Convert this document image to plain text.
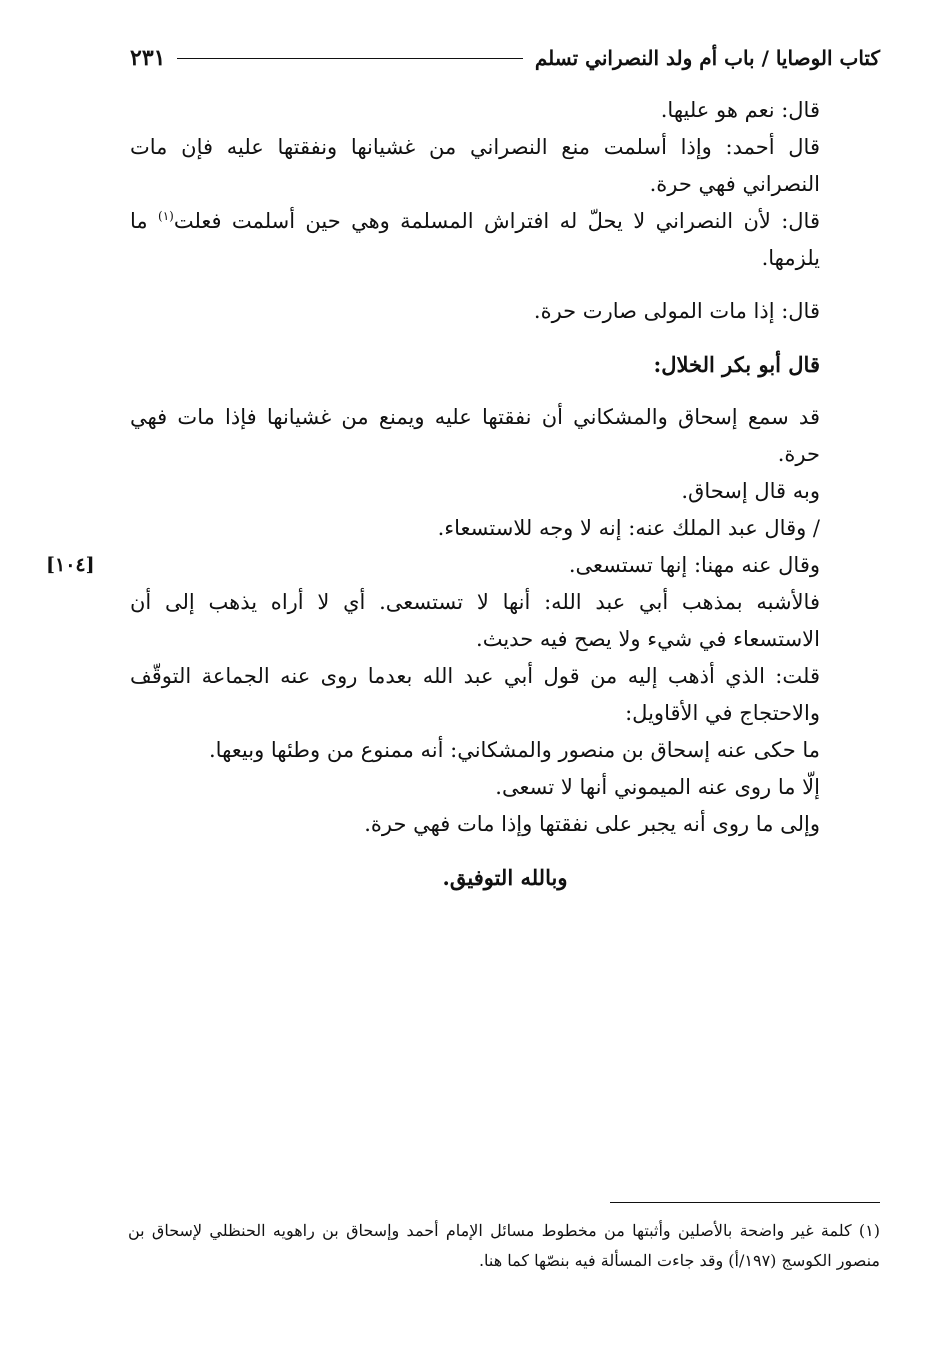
كتاب الوصايا / باب أم ولد النصراني تسلم
٢٣١
[١٠٤]

قال: نعم هو عليها.

قال أحمد: وإذا أسلمت منع النصراني من غشيانها ونفقتها عليه فإن مات النصراني فهي حرة.

قال: لأن النصراني لا يحلّ له افتراش المسلمة وهي حين أسلمت فعلت$^{(١)}$ ما يلزمها.

قال: إذا مات المولى صارت حرة.

قال أبو بكر الخلال:

قد سمع إسحاق والمشكاني أن نفقتها عليه ويمنع من غشيانها فإذا مات فهي حرة.

وبه قال إسحاق.

/ وقال عبد الملك عنه: إنه لا وجه للاستسعاء.

وقال عنه مهنا: إنها تستسعى.

فالأشبه بمذهب أبي عبد الله: أنها لا تستسعى. أي لا أراه يذهب إلى أن الاستسعاء في شيء ولا يصح فيه حديث.

قلت: الذي أذهب إليه من قول أبي عبد الله بعدما روى عنه الجماعة التوقّف والاحتجاج في الأقاويل:

ما حكى عنه إسحاق بن منصور والمشكاني: أنه ممنوع من وطئها وبيعها.

إلّا ما روى عنه الميموني أنها لا تسعى.

وإلى ما روى أنه يجبر على نفقتها وإذا مات فهي حرة.

وبالله التوفيق.

(١) كلمة غير واضحة بالأصلين وأثبتها من مخطوط مسائل الإمام أحمد وإسحاق بن راهويه الحنظلي لإسحاق بن منصور الكوسج (١٩٧/أ) وقد جاءت المسألة فيه بنصّها كما هنا.
